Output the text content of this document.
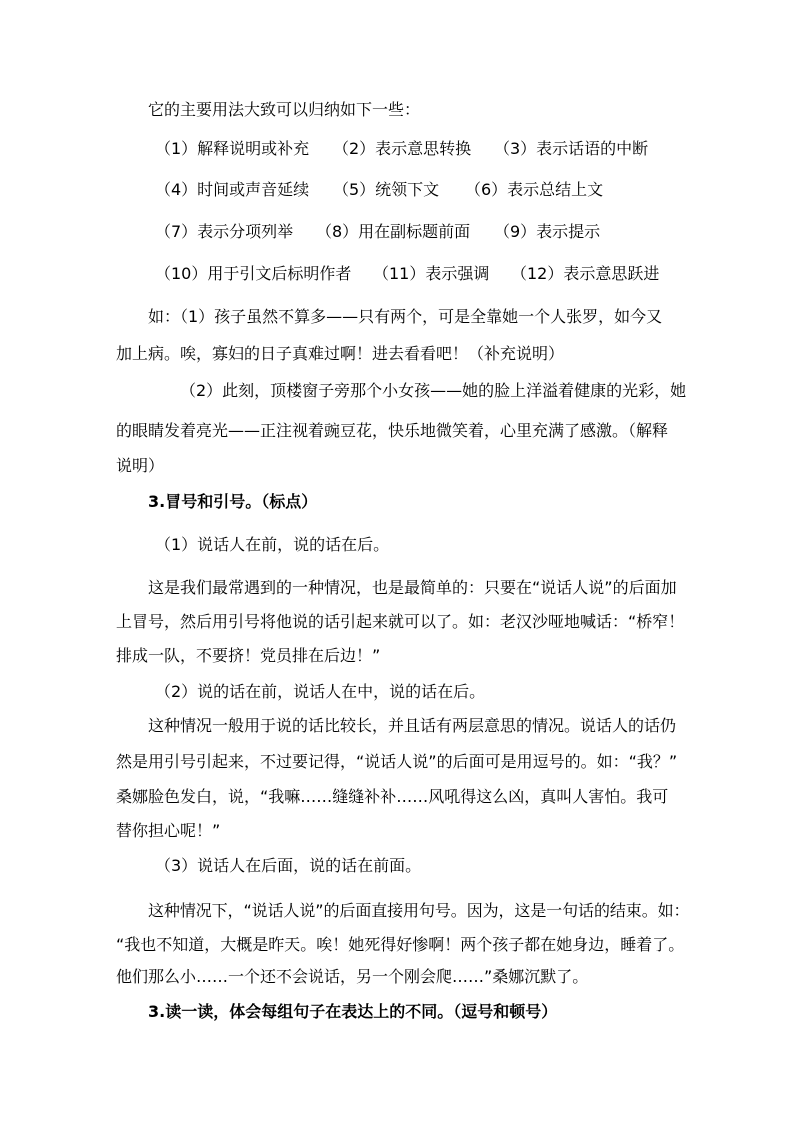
它的主要用法大致可以归纳如下一些：
（1）解释说明或补充 （2）表示意思转换 （3）表示话语的中断
（4）时间或声音延续 （5）统领下文 （6）表示总结上文
（7）表示分项列举 （8）用在副标题前面 （9）表示提示
（10）用于引文后标明作者 （11）表示强调 （12）表示意思跃进
如：（1）孩子虽然不算多——只有两个，可是全靠她一个人张罗，如今又
加上病。唉，寡妇的日子真难过啊！进去看看吧！（补充说明）
（2）此刻，顶楼窗子旁那个小女孩——她的脸上洋溢着健康的光彩，她
的眼睛发着亮光——正注视着豌豆花，快乐地微笑着，心里充满了感激。（解释
说明）
3.冒号和引号。（标点）
（1）说话人在前，说的话在后。
这是我们最常遇到的一种情况，也是最简单的：只要在“说话人说”的后面加
上冒号，然后用引号将他说的话引起来就可以了。如：老汉沙哑地喊话：“桥窄！
排成一队，不要挤！党员排在后边！”
（2）说的话在前，说话人在中，说的话在后。
这种情况一般用于说的话比较长，并且话有两层意思的情况。说话人的话仍
然是用引号引起来，不过要记得，“说话人说”的后面可是用逗号的。如：“我？”
桑娜脸色发白，说，“我嘛……缝缝补补……风吼得这么凶，真叫人害怕。我可
替你担心呢！”
（3）说话人在后面，说的话在前面。
这种情况下，“说话人说”的后面直接用句号。因为，这是一句话的结束。如：
“我也不知道，大概是昨天。唉！她死得好惨啊！两个孩子都在她身边，睡着了。
他们那么小……一个还不会说话，另一个刚会爬……”桑娜沉默了。
3.读一读，体会每组句子在表达上的不同。（逗号和顿号）
